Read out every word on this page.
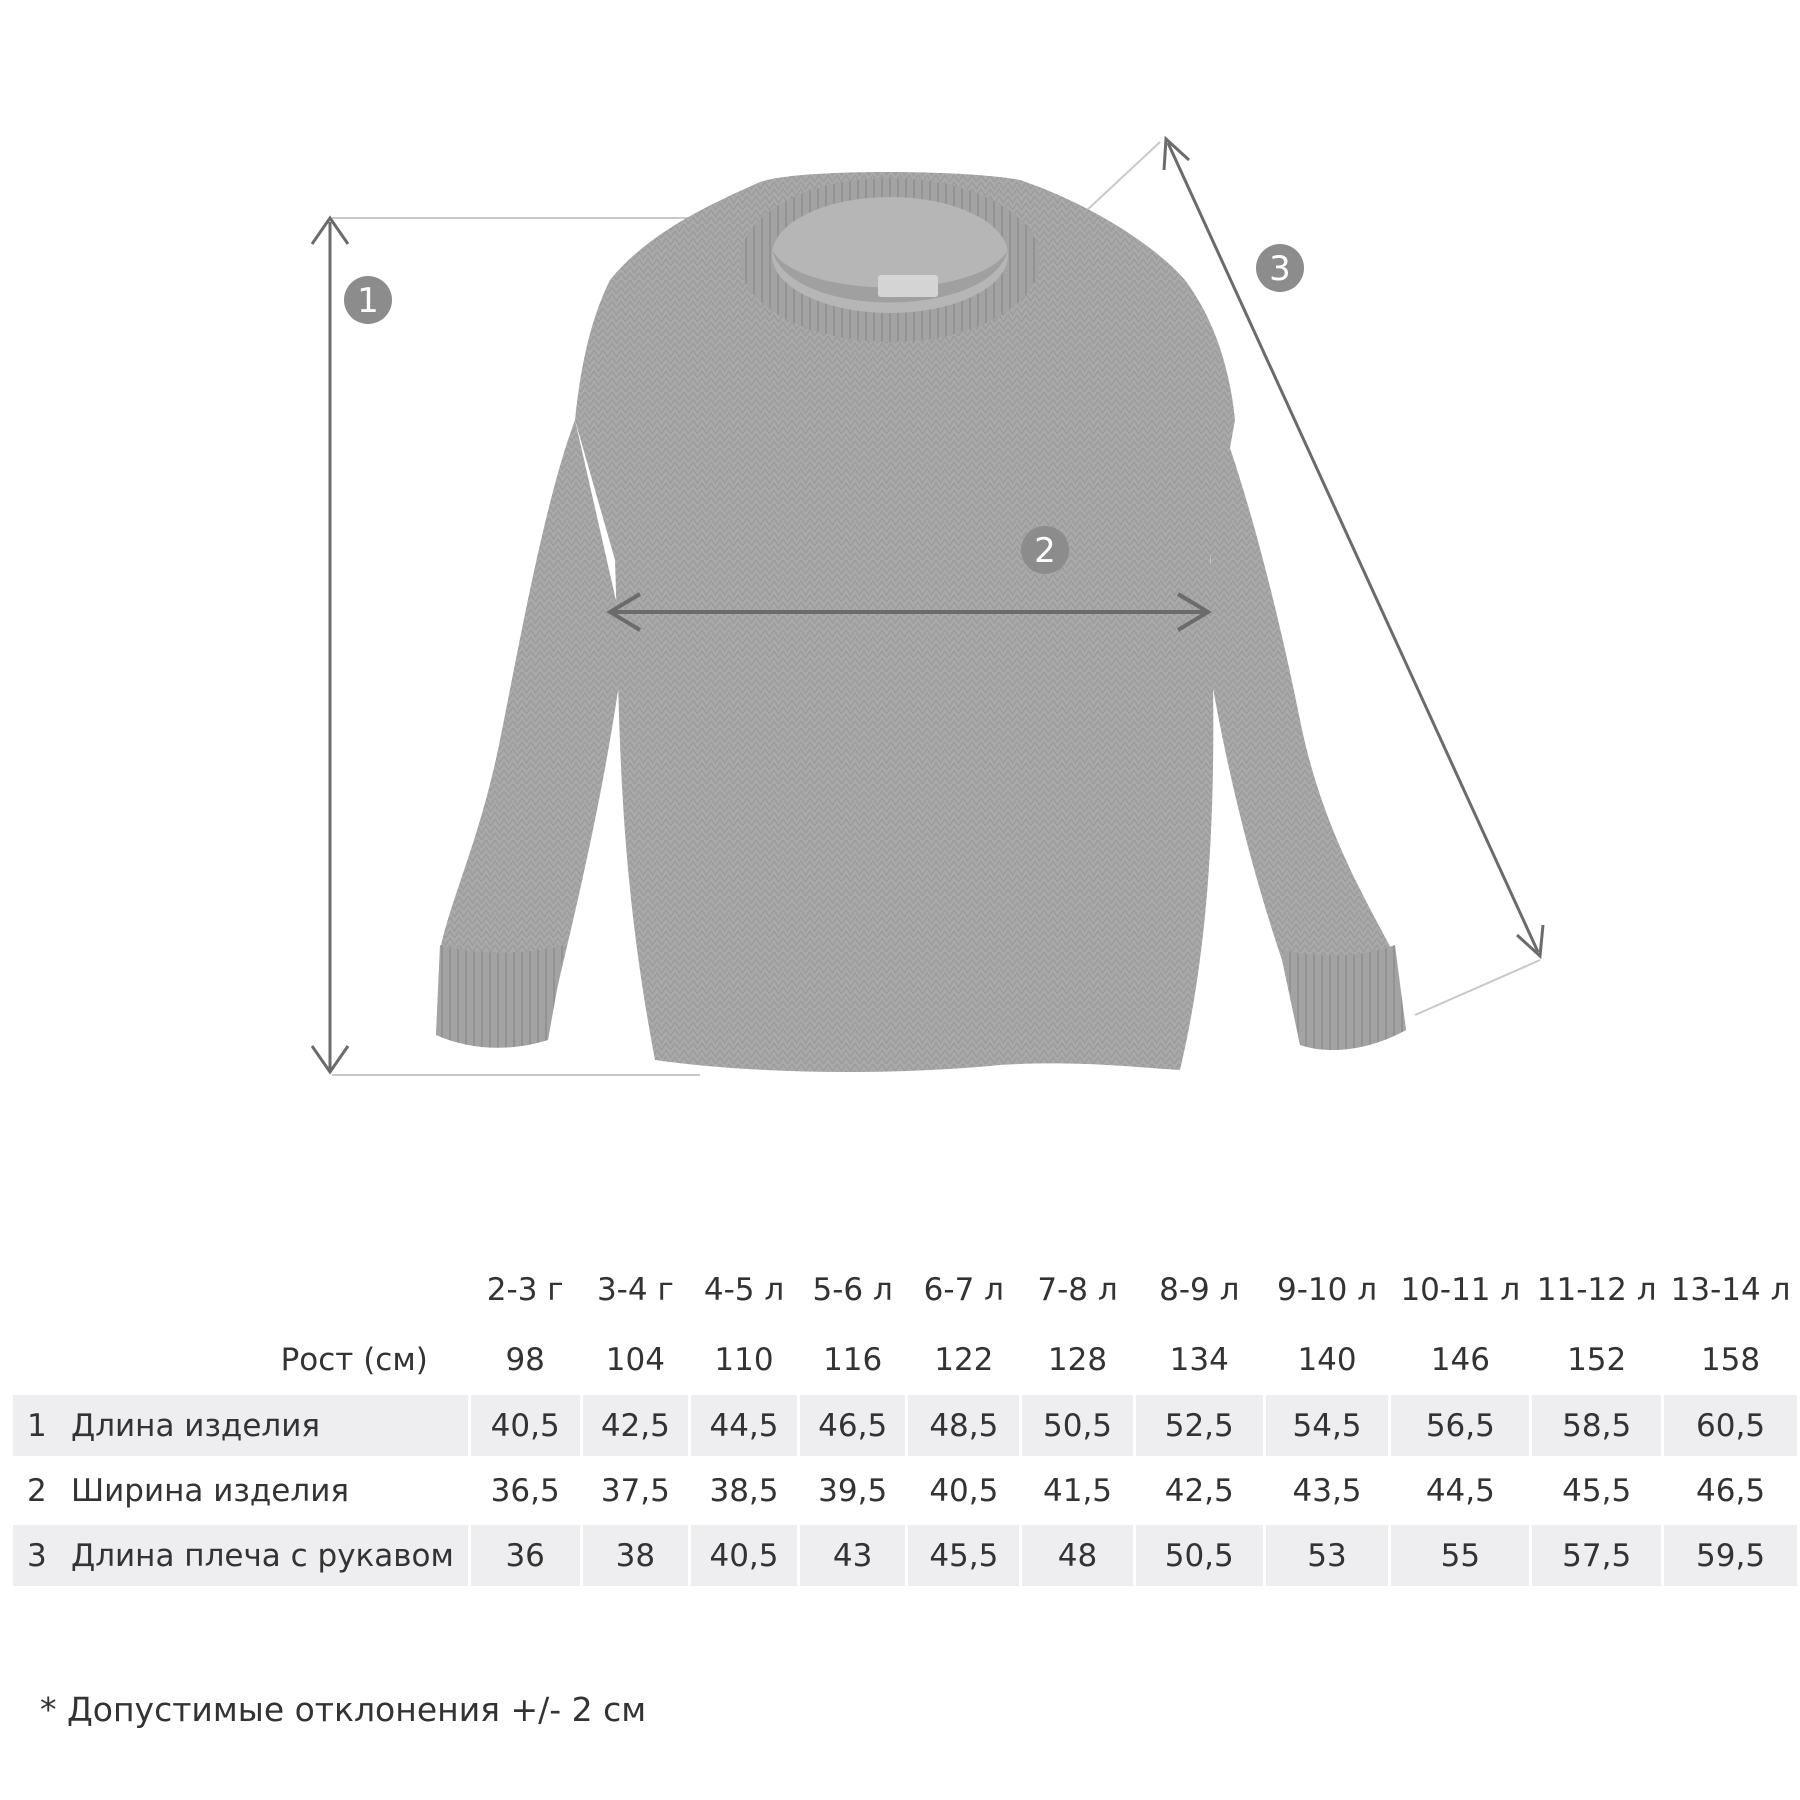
1
2
3
	2-3 г	3-4 г	4-5 л	5-6 л	6-7 л	7-8 л	8-9 л	9-10 л	10-11 л	11-12 л	13-14 л
Рост (см)	98	104	110	116	122	128	134	140	146	152	158
1 Длина изделия	40,5	42,5	44,5	46,5	48,5	50,5	52,5	54,5	56,5	58,5	60,5

2 Ширина изделия	36,5	37,5	38,5	39,5	40,5	41,5	42,5	43,5	44,5	45,5	46,5

3 Длина плеча с рукавом	36	38	40,5	43	45,5	48	50,5	53	55	57,5	59,5
* Допустимые отклонения +/- 2 см
